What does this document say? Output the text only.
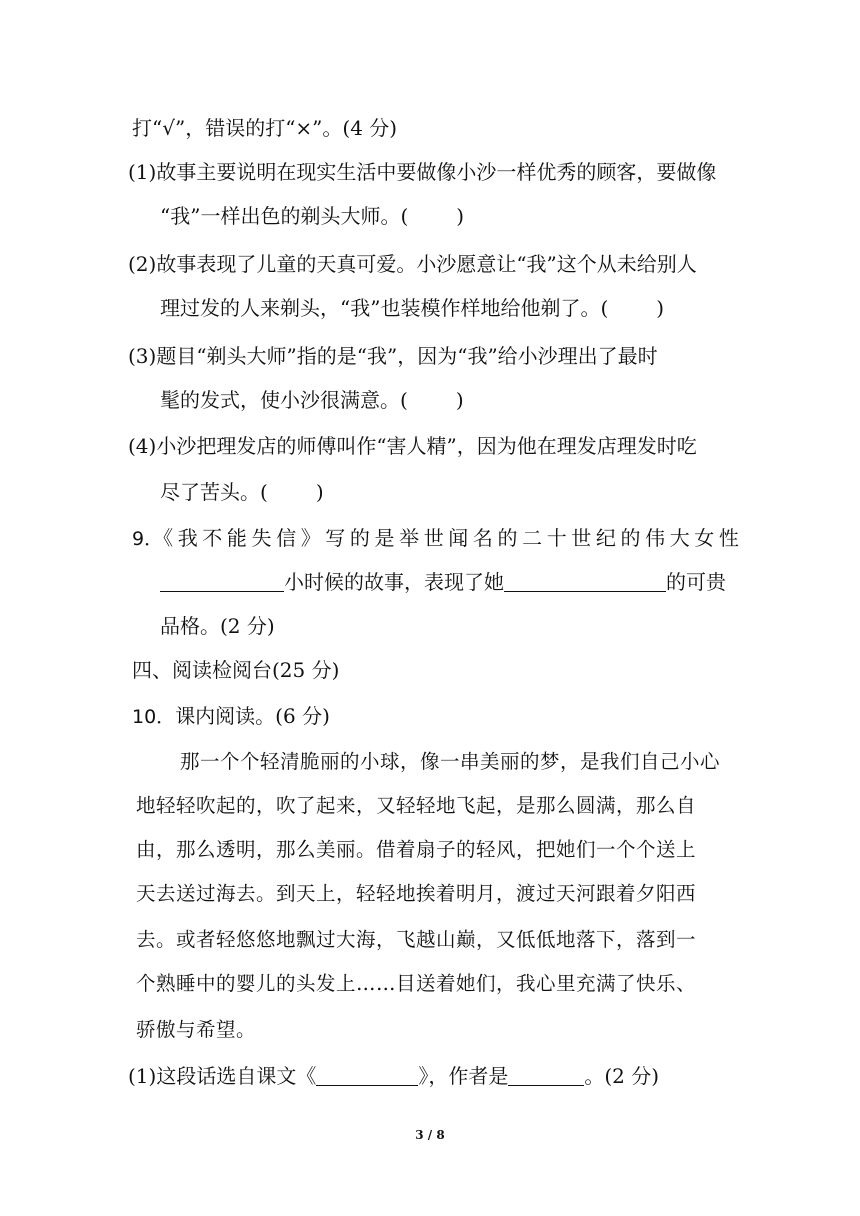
打“√”，错误的打“×”。(4 分)
(1)故事主要说明在现实生活中要做像小沙一样优秀的顾客，要做像
“我”一样出色的剃头大师。( )
(2)故事表现了儿童的天真可爱。小沙愿意让“我”这个从未给别人
理过发的人来剃头，“我”也装模作样地给他剃了。( )
(3)题目“剃头大师”指的是“我”，因为“我”给小沙理出了最时
髦的发式，使小沙很满意。( )
(4)小沙把理发店的师傅叫作“害人精”，因为他在理发店理发时吃
尽了苦头。( )
9．《我不能失信》写的是举世闻名的二十世纪的伟大女性
小时候的故事，表现了她	的可贵
品格。(2 分)
四、阅读检阅台(25 分)
10．课内阅读。(6 分)
那一个个轻清脆丽的小球，像一串美丽的梦，是我们自己小心
地轻轻吹起的，吹了起来，又轻轻地飞起，是那么圆满，那么自
由，那么透明，那么美丽。借着扇子的轻风，把她们一个个送上
天去送过海去。到天上，轻轻地挨着明月，渡过天河跟着夕阳西
去。或者轻悠悠地飘过大海，飞越山巅，又低低地落下，落到一
个熟睡中的婴儿的头发上……目送着她们，我心里充满了快乐、
骄傲与希望。
(1)这段话选自课文《	》，作者是	。(2 分)
3 / 8
